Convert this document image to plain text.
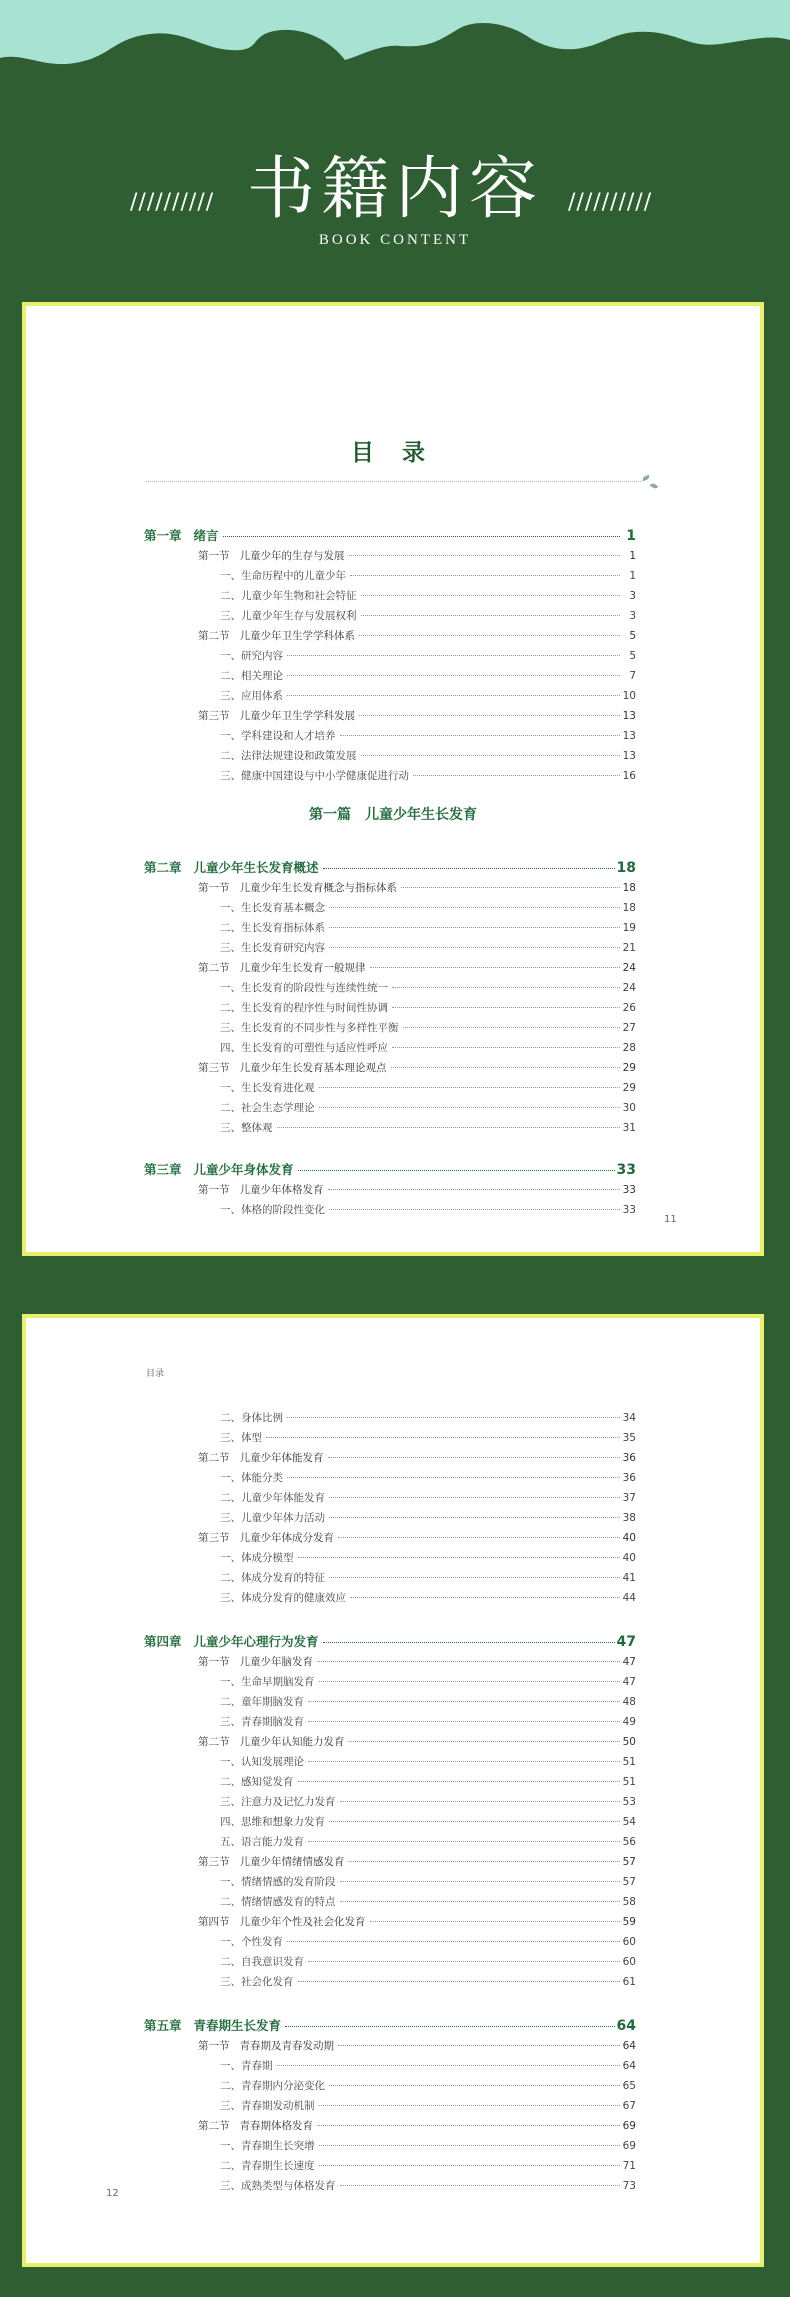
//////////	//////////
书籍内容
BOOK CONTENT
目 录
第一章 绪言	1
第一节 儿童少年的生存与发展	1
一、生命历程中的儿童少年	1
二、儿童少年生物和社会特征	3
三、儿童少年生存与发展权利	3
第二节 儿童少年卫生学学科体系	5
一、研究内容	5
二、相关理论	7
三、应用体系	10
第三节 儿童少年卫生学学科发展	13
一、学科建设和人才培养	13
二、法律法规建设和政策发展	13
三、健康中国建设与中小学健康促进行动	16
第二章 儿童少年生长发育概述	18
第一节 儿童少年生长发育概念与指标体系	18
一、生长发育基本概念	18
二、生长发育指标体系	19
三、生长发育研究内容	21
第二节 儿童少年生长发育一般规律	24
一、生长发育的阶段性与连续性统一	24
二、生长发育的程序性与时间性协调	26
三、生长发育的不同步性与多样性平衡	27
四、生长发育的可塑性与适应性呼应	28
第三节 儿童少年生长发育基本理论观点	29
一、生长发育进化观	29
二、社会生态学理论	30
三、整体观	31
第三章 儿童少年身体发育	33
第一节 儿童少年体格发育	33
一、体格的阶段性变化	33
第一篇　儿童少年生长发育
11
目录
二、身体比例	34
三、体型	35
第二节 儿童少年体能发育	36
一、体能分类	36
二、儿童少年体能发育	37
三、儿童少年体力活动	38
第三节 儿童少年体成分发育	40
一、体成分模型	40
二、体成分发育的特征	41
三、体成分发育的健康效应	44
第四章 儿童少年心理行为发育	47
第一节 儿童少年脑发育	47
一、生命早期脑发育	47
二、童年期脑发育	48
三、青春期脑发育	49
第二节 儿童少年认知能力发育	50
一、认知发展理论	51
二、感知觉发育	51
三、注意力及记忆力发育	53
四、思维和想象力发育	54
五、语言能力发育	56
第三节 儿童少年情绪情感发育	57
一、情绪情感的发育阶段	57
二、情绪情感发育的特点	58
第四节 儿童少年个性及社会化发育	59
一、个性发育	60
二、自我意识发育	60
三、社会化发育	61
第五章 青春期生长发育	64
第一节 青春期及青春发动期	64
一、青春期	64
二、青春期内分泌变化	65
三、青春期发动机制	67
第二节 青春期体格发育	69
一、青春期生长突增	69
二、青春期生长速度	71
三、成熟类型与体格发育	73
12
